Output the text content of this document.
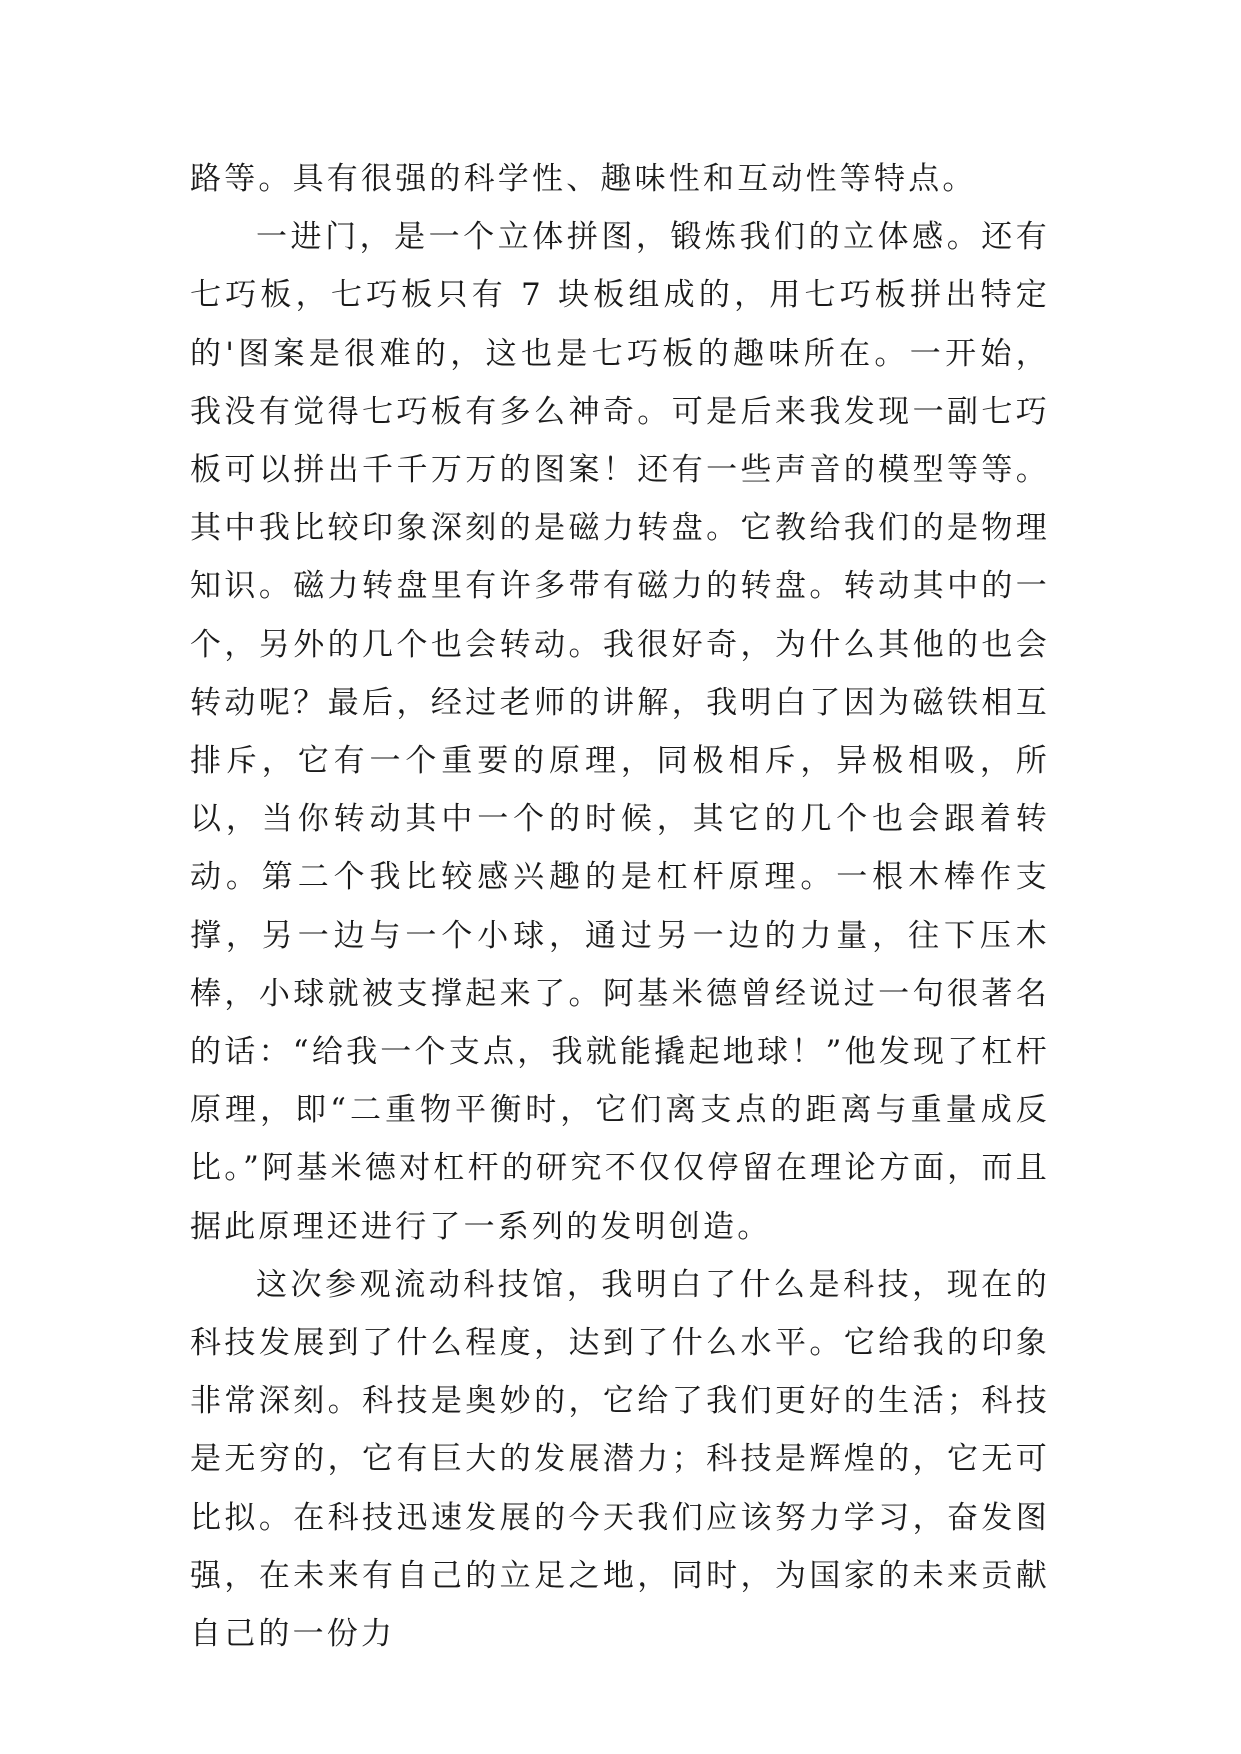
路等。具有很强的科学性、趣味性和互动性等特点。

一进门，是一个立体拼图，锻炼我们的立体感。还有七巧板，七巧板只有 7 块板组成的，用七巧板拼出特定的'图案是很难的，这也是七巧板的趣味所在。一开始，我没有觉得七巧板有多么神奇。可是后来我发现一副七巧板可以拼出千千万万的图案！还有一些声音的模型等等。其中我比较印象深刻的是磁力转盘。它教给我们的是物理知识。磁力转盘里有许多带有磁力的转盘。转动其中的一个，另外的几个也会转动。我很好奇，为什么其他的也会转动呢？最后，经过老师的讲解，我明白了因为磁铁相互排斥，它有一个重要的原理，同极相斥，异极相吸，所以，当你转动其中一个的时候，其它的几个也会跟着转动。第二个我比较感兴趣的是杠杆原理。一根木棒作支撑，另一边与一个小球，通过另一边的力量，往下压木棒，小球就被支撑起来了。阿基米德曾经说过一句很著名的话：“给我一个支点，我就能撬起地球！”他发现了杠杆原理，即“二重物平衡时，它们离支点的距离与重量成反比。”阿基米德对杠杆的研究不仅仅停留在理论方面，而且据此原理还进行了一系列的发明创造。

这次参观流动科技馆，我明白了什么是科技，现在的科技发展到了什么程度，达到了什么水平。它给我的印象非常深刻。科技是奥妙的，它给了我们更好的生活；科技是无穷的，它有巨大的发展潜力；科技是辉煌的，它无可比拟。在科技迅速发展的今天我们应该努力学习，奋发图强，在未来有自己的立足之地，同时，为国家的未来贡献自己的一份力
